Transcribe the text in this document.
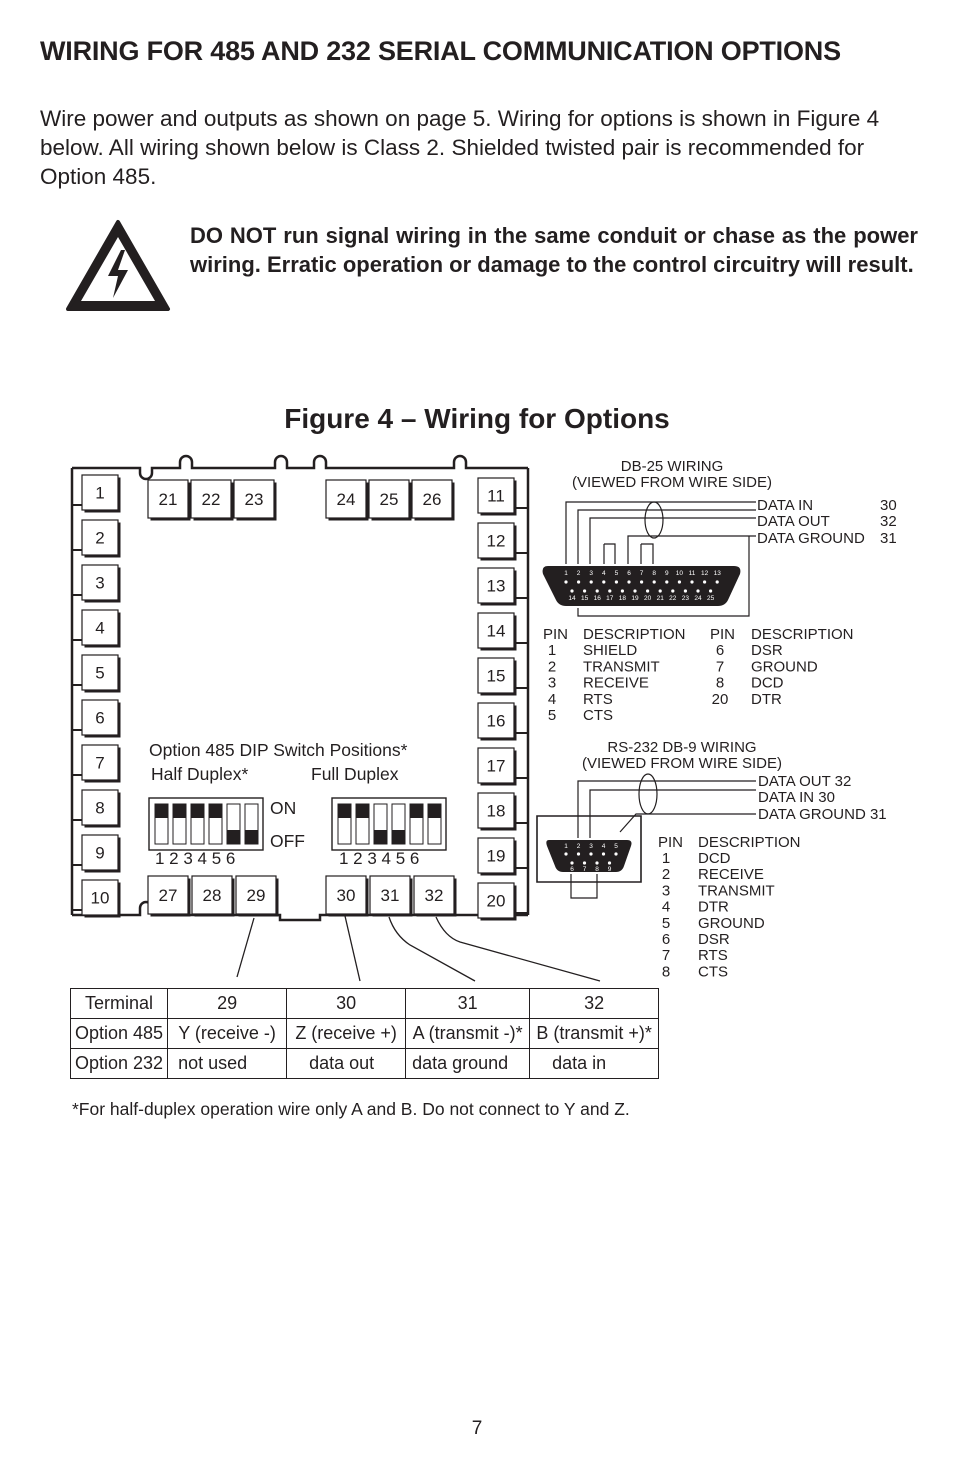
WIRING FOR 485 AND 232 SERIAL COMMUNICATION OPTIONS

Wire power and outputs as shown on page 5. Wiring for options is shown in Figure 4 below. All wiring shown below is Class 2. Shielded twisted pair is recommended for Option 485.

DO NOT run signal wiring in the same conduit or chase as the power wiring. Erratic operation or damage to the control circuitry will result.

Figure 4 – Wiring for Options
1
2
3
4
5
6
7
8
9
10
11
12
13
14
15
16
17
18
19
20
21 22 23	24 25 26
27 28 29	30 31 32
1 2 3 4 5 6 7 8 9 10 11 12 13
14 15 16 17 18 19 20 21 22 23 24 25
1 2 3 4 5
6 7 8 9
Option 485 DIP Switch Positions*
Half Duplex*	Full Duplex
ON
OFF
1 2 3 4 5 6	1 2 3 4 5 6
DB-25 WIRING
(VIEWED FROM WIRE SIDE)
DATA IN	30
DATA OUT	32
DATA GROUND 31
PIN DESCRIPTION PIN DESCRIPTION
1 SHIELD
2 TRANSMIT
3 RECEIVE
4 RTS
5 CTS
6 DSR
7 GROUND
8 DCD
20 DTR
RS-232 DB-9 WIRING
(VIEWED FROM WIRE SIDE)
DATA OUT 32
DATA IN 30
DATA GROUND 31
PIN DESCRIPTION
1 DCD
2 RECEIVE
3 TRANSMIT
4 DTR
5 GROUND
6 DSR
7 RTS
8 CTS
Terminal	29	30	31	32
Option 485	Y (receive -)	Z (receive +)	A (transmit -)*	B (transmit +)*
Option 232	not used	data out	data ground	data in

*For half-duplex operation wire only A and B. Do not connect to Y and Z.

7
